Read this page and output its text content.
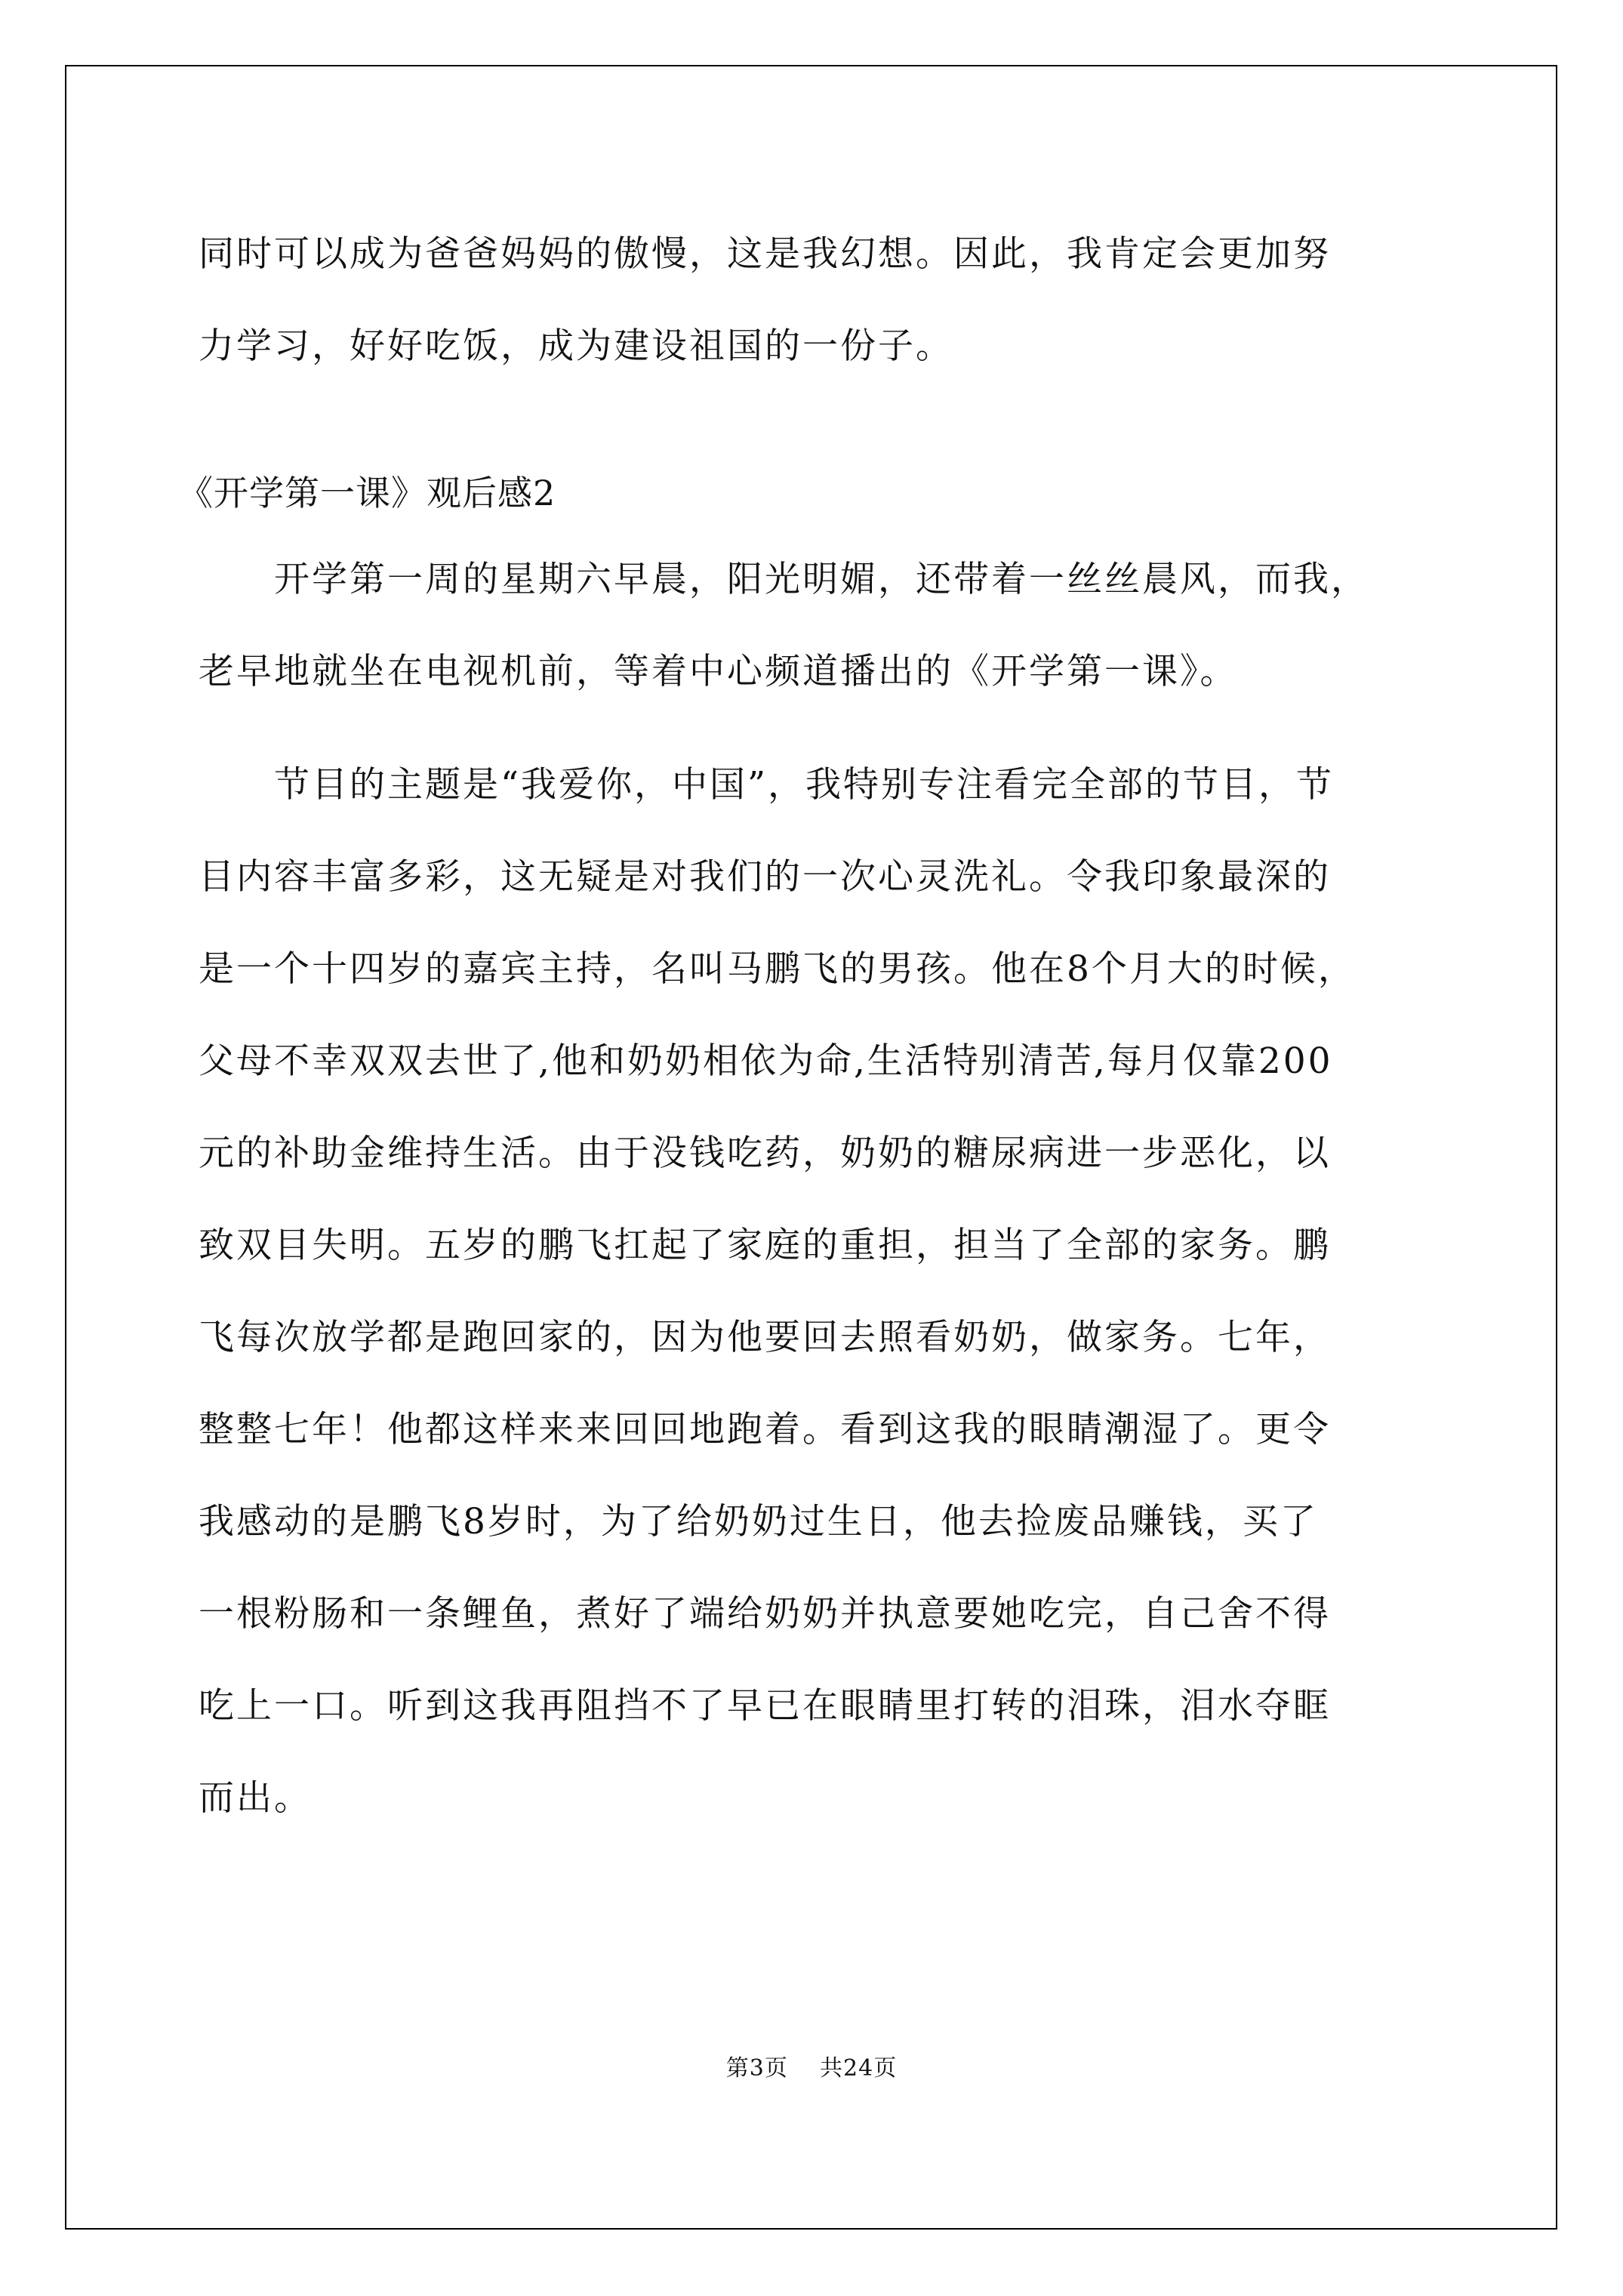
同时可以成为爸爸妈妈的傲慢，这是我幻想。因此，我肯定会更加努
力学习，好好吃饭，成为建设祖国的一份子。
《开学第一课》观后感2
　　开学第一周的星期六早晨，阳光明媚，还带着一丝丝晨风，而我，
老早地就坐在电视机前，等着中心频道播出的《开学第一课》。
　　节目的主题是“我爱你，中国”，我特别专注看完全部的节目，节
目内容丰富多彩，这无疑是对我们的一次心灵洗礼。令我印象最深的
是一个十四岁的嘉宾主持，名叫马鹏飞的男孩。他在8个月大的时候，
父母不幸双双去世了,他和奶奶相依为命,生活特别清苦,每月仅靠200
元的补助金维持生活。由于没钱吃药，奶奶的糖尿病进一步恶化，以
致双目失明。五岁的鹏飞扛起了家庭的重担，担当了全部的家务。鹏
飞每次放学都是跑回家的，因为他要回去照看奶奶，做家务。七年，
整整七年！他都这样来来回回地跑着。看到这我的眼睛潮湿了。更令
我感动的是鹏飞8岁时，为了给奶奶过生日，他去捡废品赚钱，买了
一根粉肠和一条鲤鱼，煮好了端给奶奶并执意要她吃完，自己舍不得
吃上一口。听到这我再阻挡不了早已在眼睛里打转的泪珠，泪水夺眶
而出。
第3页 共24页
